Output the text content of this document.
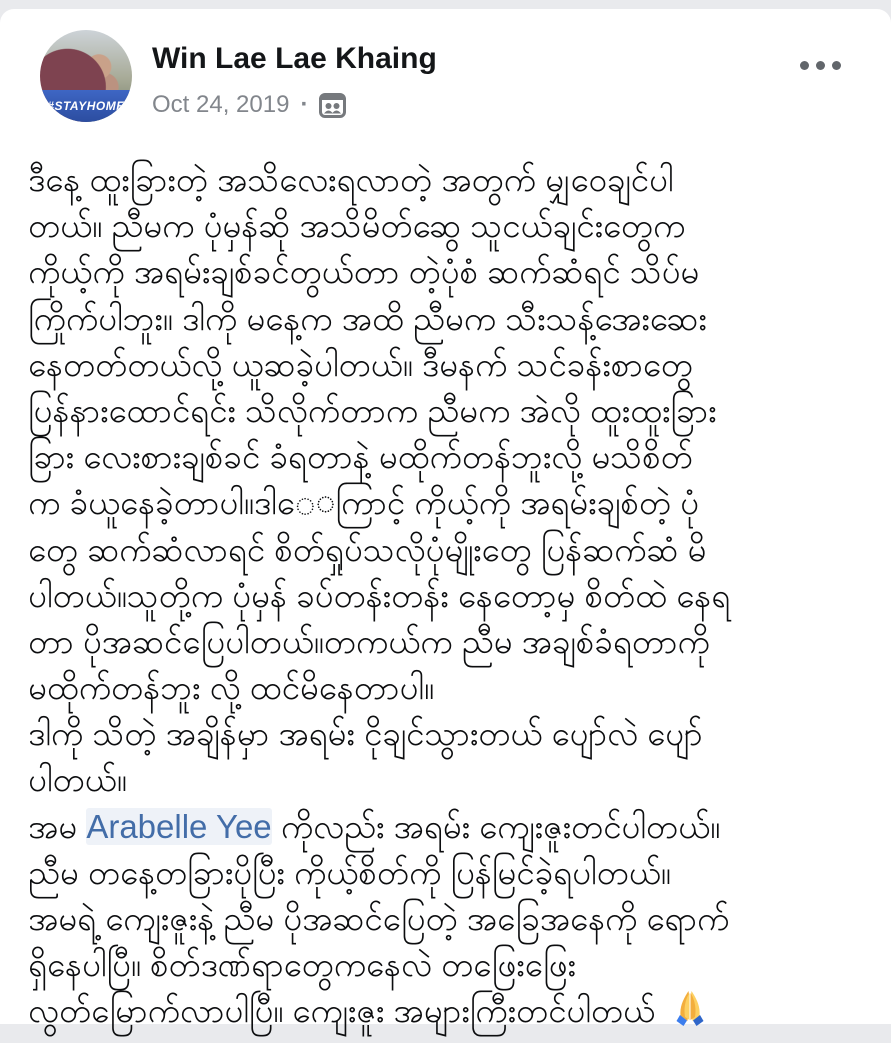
#STAYHOME
Win Lae Lae Khaing
Oct 24, 2019 ·
ဒီနေ့ ထူးခြားတဲ့ အသိလေးရလာတဲ့ အတွက် မျှဝေချင်ပါ
တယ်။ ညီမက ပုံမှန်ဆို အသိမိတ်ဆွေ သူငယ်ချင်းတွေက
ကိုယ့်ကို အရမ်းချစ်ခင်တွယ်တာ တဲ့ပုံစံ ဆက်ဆံရင် သိပ်မ
ကြိုက်ပါဘူး။ ဒါကို မနေ့က အထိ ညီမက သီးသန့်အေးဆေး
နေတတ်တယ်လို့ ယူဆခဲ့ပါတယ်။ ဒီမနက် သင်ခန်းစာတွေ
ပြန်နားထောင်ရင်း သိလိုက်တာက ညီမက အဲလို ထူးထူးခြား
ခြား လေးစားချစ်ခင် ခံရတာနဲ့ မထိုက်တန်ဘူးလို့ မသိစိတ်
က ခံယူနေခဲ့တာပါ။ဒါေ◌ကြာင့် ကိုယ့်ကို အရမ်းချစ်တဲ့ ပုံ
တွေ ဆက်ဆံလာရင် စိတ်ရှုပ်သလိုပုံမျိုးတွေ ပြန်ဆက်ဆံ မိ
ပါတယ်။သူတို့က ပုံမှန် ခပ်တန်းတန်း နေတော့မှ စိတ်ထဲ နေရ
တာ ပိုအဆင်ပြေပါတယ်။တကယ်က ညီမ အချစ်ခံရတာကို
မထိုက်တန်ဘူး လို့ ထင်မိနေတာပါ။
ဒါကို သိတဲ့ အချိန်မှာ အရမ်း ငိုချင်သွားတယ် ပျော်လဲ ပျော်
ပါတယ်။
အမ Arabelle Yee ကိုလည်း အရမ်း ကျေးဇူးတင်ပါတယ်။
ညီမ တနေ့တခြားပိုပြီး ကိုယ့်စိတ်ကို ပြန်မြင်ခဲ့ရပါတယ်။
အမရဲ့ ကျေးဇူးနဲ့ ညီမ ပိုအဆင်ပြေတဲ့ အခြေအနေကို ရောက်
ရှိနေပါပြီ။ စိတ်ဒဏ်ရာတွေကနေလဲ တဖြေးဖြေး
လွတ်မြောက်လာပါပြီ။ ကျေးဇူး အများကြီးတင်ပါတယ်
